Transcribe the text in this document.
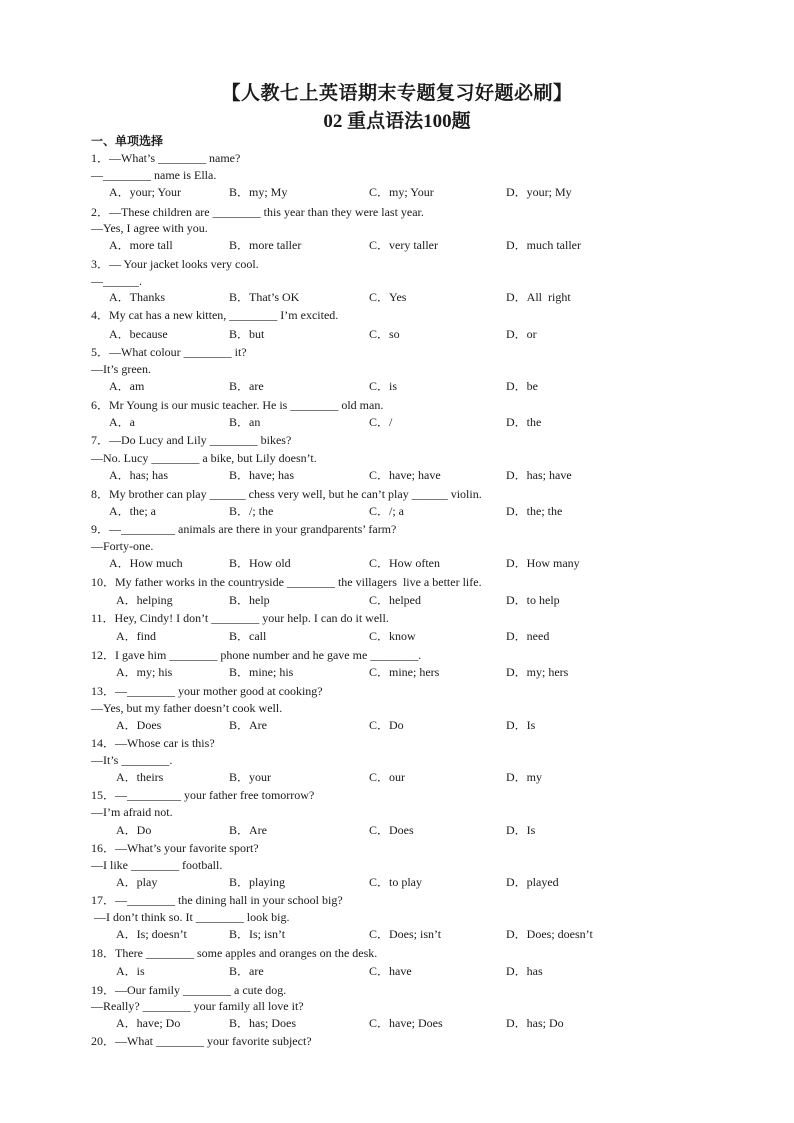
【人教七上英语期末专题复习好题必刷】
02 重点语法100题
一、单项选择
1．—What’s ________ name?
—________ name is Ella.
A．your; Your	B．my; My	C．my; Your	D．your; My
2．—These children are ________ this year than they were last year.
—Yes, I agree with you.
A．more tall	B．more taller	C．very taller	D．much taller
3．— Your jacket looks very cool.
—______.
A．Thanks	B．That’s OK	C．Yes	D．All  right
4．My cat has a new kitten, ________ I’m excited.
A．because	B．but	C．so	D．or
5．—What colour ________ it?
—It’s green.
A．am	B．are	C．is	D．be
6．Mr Young is our music teacher. He is ________ old man.
A．a	B．an	C．/	D．the
7．—Do Lucy and Lily ________ bikes?
—No. Lucy ________ a bike, but Lily doesn’t.
A．has; has	B．have; has	C．have; have	D．has; have
8．My brother can play ______ chess very well, but he can’t play ______ violin.
A．the; a	B．/; the	C．/; a	D．the; the
9．—_________ animals are there in your grandparents’ farm?
—Forty-one.
A．How much	B．How old	C．How often	D．How many
10．My father works in the countryside ________ the villagers  live a better life.
A．helping	B．help	C．helped	D．to help
11．Hey, Cindy! I don’t ________ your help. I can do it well.
A．find	B．call	C．know	D．need
12．I gave him ________ phone number and he gave me ________.
A．my; his	B．mine; his	C．mine; hers	D．my; hers
13．—________ your mother good at cooking?
—Yes, but my father doesn’t cook well.
A．Does	B．Are	C．Do	D．Is
14．—Whose car is this?
—It’s ________.
A．theirs	B．your	C．our	D．my
15．—_________ your father free tomorrow?
—I’m afraid not.
A．Do	B．Are	C．Does	D．Is
16．—What’s your favorite sport?
—I like ________ football.
A．play	B．playing	C．to play	D．played
17．—________ the dining hall in your school big?
—I don’t think so. It ________ look big.
A．Is; doesn’t	B．Is; isn’t	C．Does; isn’t	D．Does; doesn’t
18．There ________ some apples and oranges on the desk.
A．is	B．are	C．have	D．has
19．—Our family ________ a cute dog.
—Really? ________ your family all love it?
A．have; Do	B．has; Does	C．have; Does	D．has; Do
20．—What ________ your favorite subject?
